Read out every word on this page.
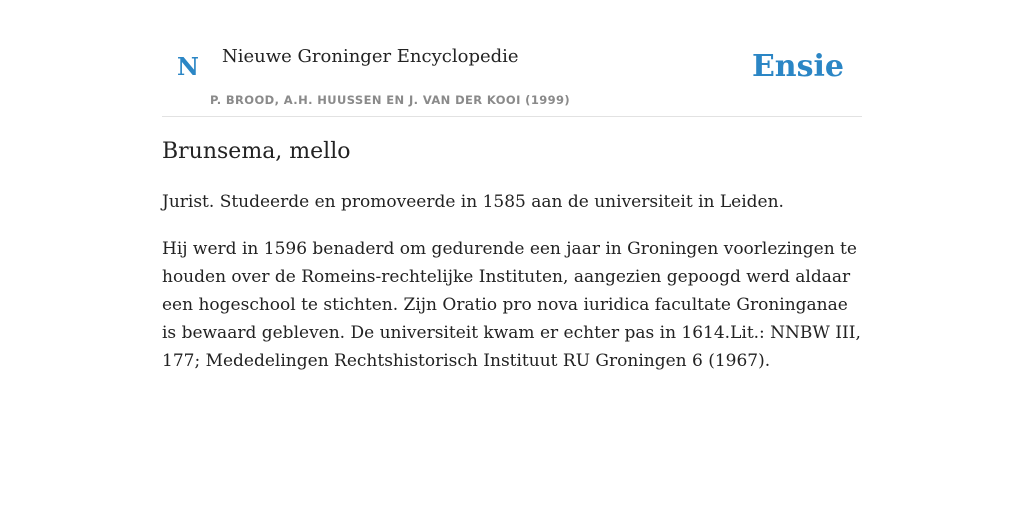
N Nieuwe Groninger Encyclopedie
P. BROOD, A.H. HUUSSEN EN J. VAN DER KOOI (1999)
Ensie
Brunsema, mello

Jurist. Studeerde en promoveerde in 1585 aan de universiteit in Leiden.

Hij werd in 1596 benaderd om gedurende een jaar in Groningen voorlezingen te houden over de Romeins-rechtelijke Instituten, aangezien gepoogd werd aldaar een hogeschool te stichten. Zijn Oratio pro nova iuridica facultate Groninganae is bewaard gebleven. De universiteit kwam er echter pas in 1614.Lit.: NNBW III, 177; Mededelingen Rechtshistorisch Instituut RU Groningen 6 (1967).
